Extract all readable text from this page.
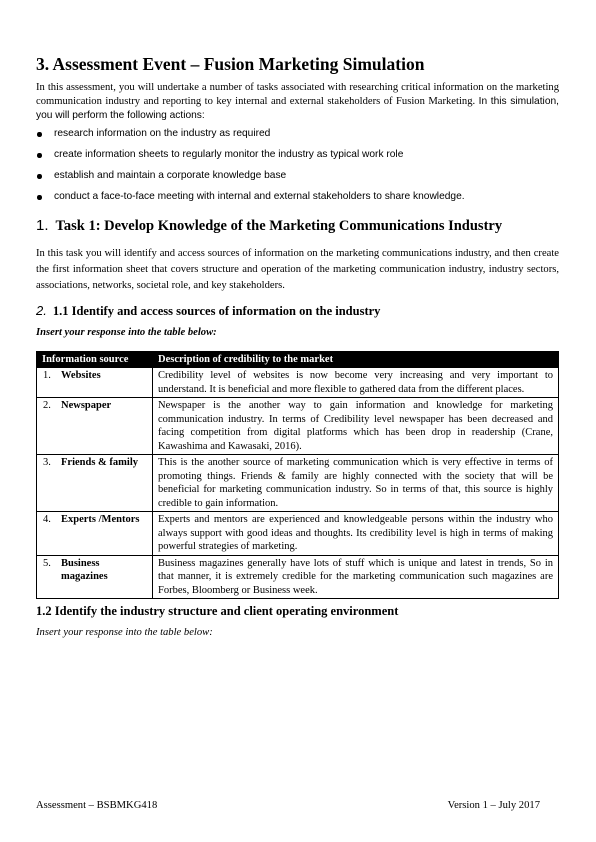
3. Assessment Event – Fusion Marketing Simulation

In this assessment, you will undertake a number of tasks associated with researching critical information on the marketing communication industry and reporting to key internal and external stakeholders of Fusion Marketing. In this simulation, you will perform the following actions:

research information on the industry as required
create information sheets to regularly monitor the industry as typical work role
establish and maintain a corporate knowledge base
conduct a face-to-face meeting with internal and external stakeholders to share knowledge.
1. Task 1: Develop Knowledge of the Marketing Communications Industry

In this task you will identify and access sources of information on the marketing communications industry, and then create the first information sheet that covers structure and operation of the marketing communication industry, industry sectors, associations, networks, societal role, and key stakeholders.

2. 1.1 Identify and access sources of information on the industry

Insert your response into the table below:

Information source	Description of credibility to the market
1. Websites	Credibility level of websites is now become very increasing and very important to understand. It is beneficial and more flexible to gathered data from the different places.
2. Newspaper	Newspaper is the another way to gain information and knowledge for marketing communication industry. In terms of Credibility level newspaper has been decreased and facing competition from digital platforms which has been drop in readership (Crane, Kawashima and Kawasaki, 2016).
3. Friends & family	This is the another source of marketing communication which is very effective in terms of promoting things. Friends & family are highly connected with the society that will be beneficial for marketing communication industry. So in terms of that, this source is highly credible to gain information.
4. Experts /Mentors	Experts and mentors are experienced and knowledgeable persons within the industry who always support with good ideas and thoughts. Its credibility level is high in terms of making powerful strategies of marketing.
5. Business magazines	Business magazines generally have lots of stuff which is unique and latest in trends, So in that manner, it is extremely credible for the marketing communication such magazines are Forbes, Bloomberg or Business week.
1.2 Identify the industry structure and client operating environment

Insert your response into the table below:

Assessment – BSBMKG418	Version 1 – July 2017
